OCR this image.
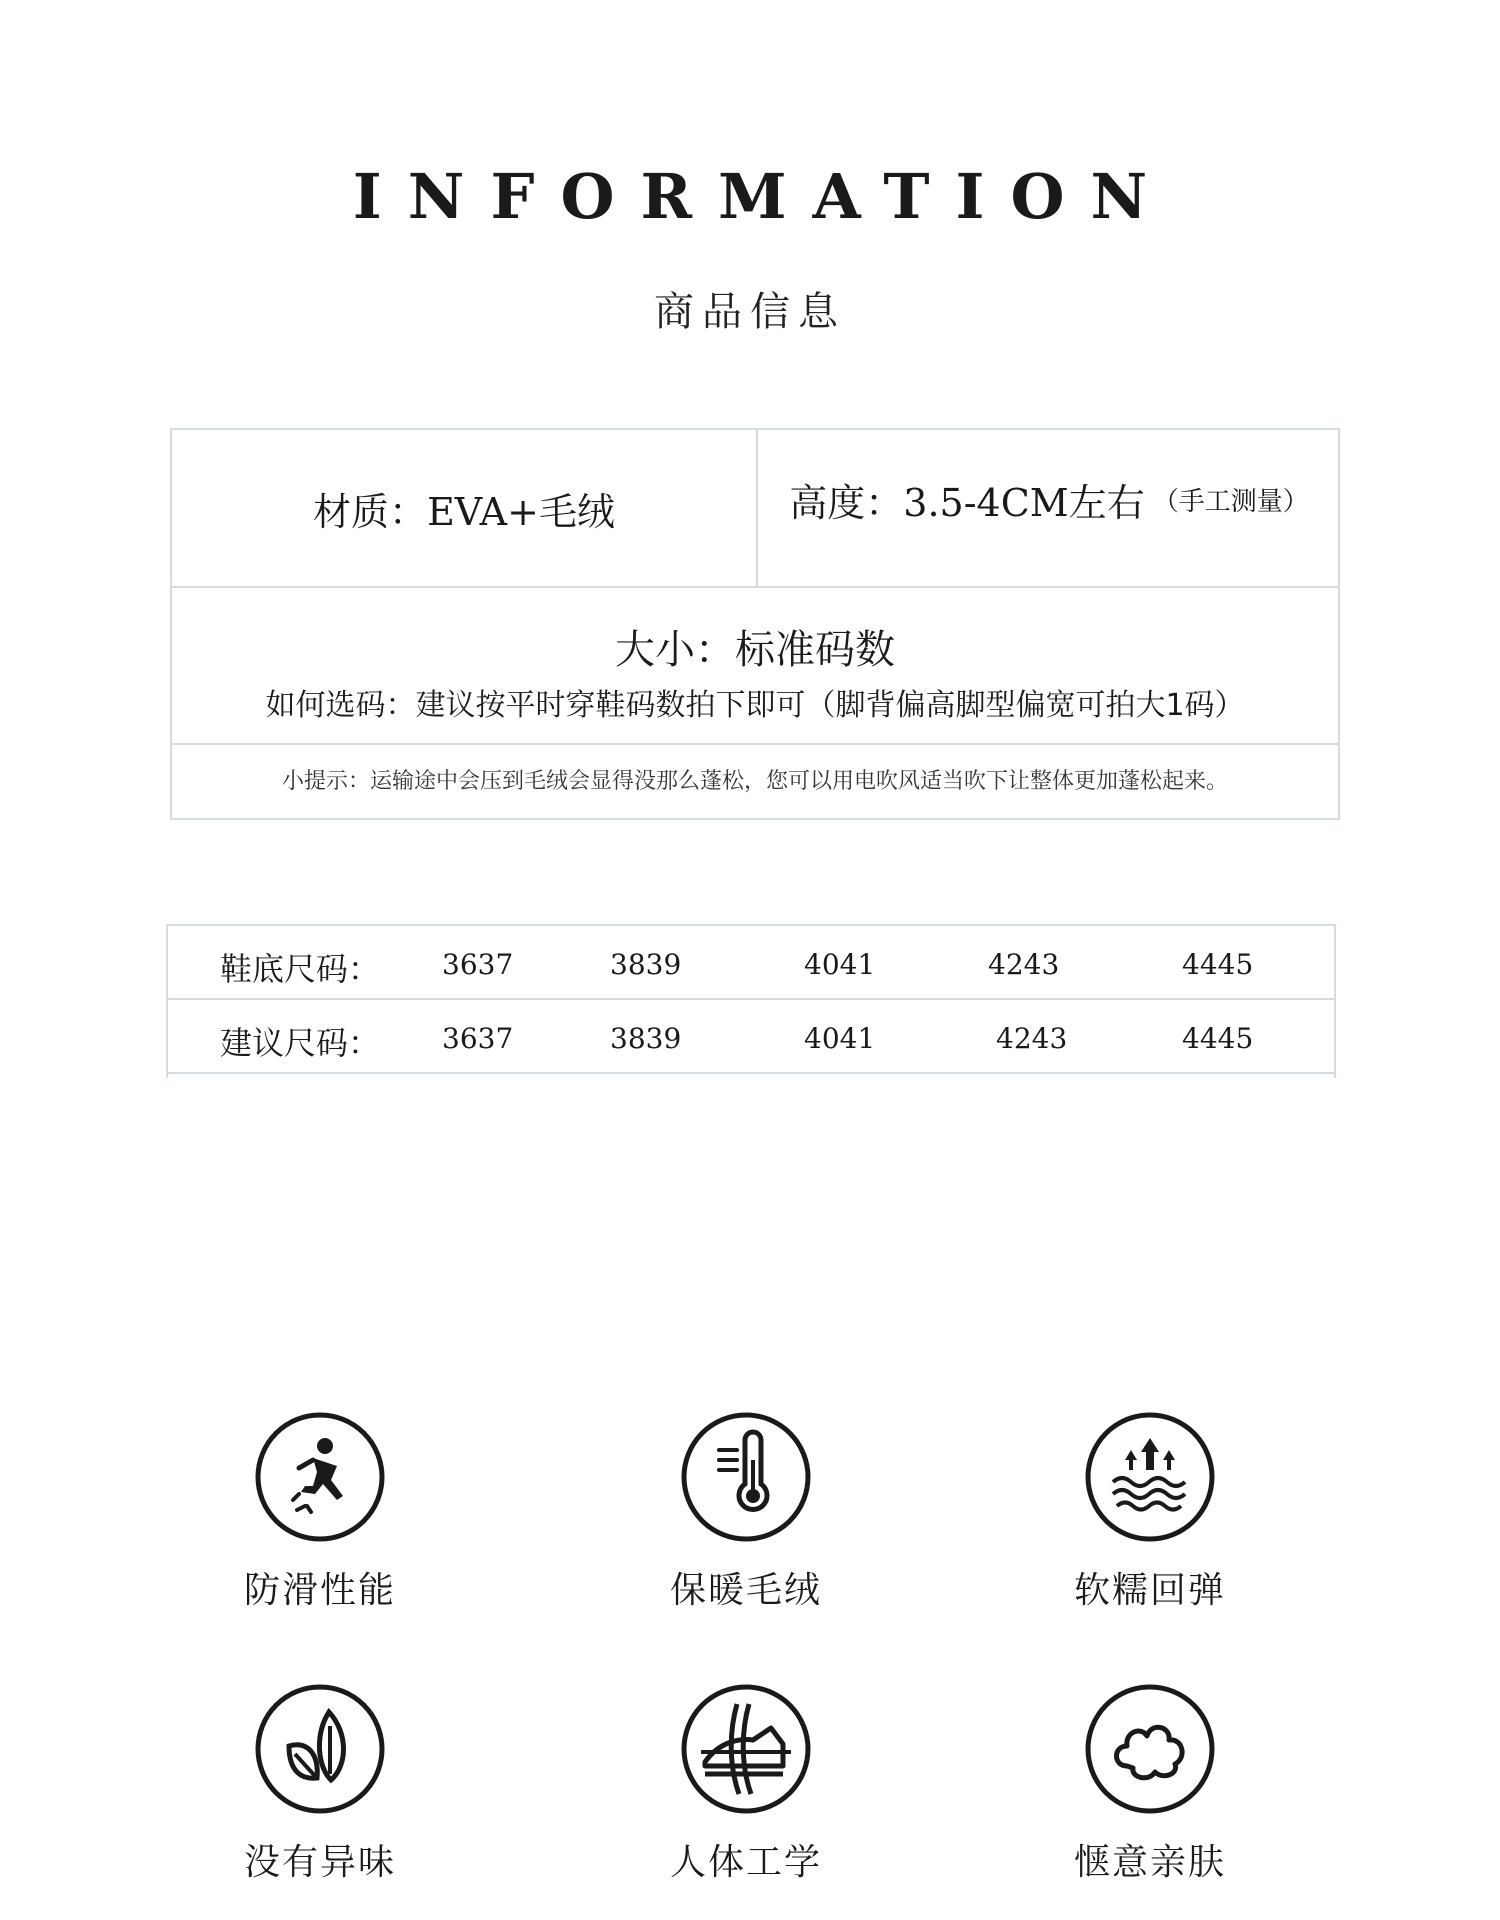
INFORMATION
商品信息
材质： EVA+毛绒	高度： 3.5-4CM左右 （手工测量）
大小：标准码数
如何选码：建议按平时穿鞋码数拍下即可（脚背偏高脚型偏宽可拍大1码）
小提示：运输途中会压到毛绒会显得没那么蓬松，您可以用电吹风适当吹下让整体更加蓬松起来。
鞋底尺码： 3637	3839	4041	4243	4445
建议尺码： 3637	3839	4041	4243	4445
防滑性能	保暖毛绒	软糯回弹
没有异味	人体工学	惬意亲肤
